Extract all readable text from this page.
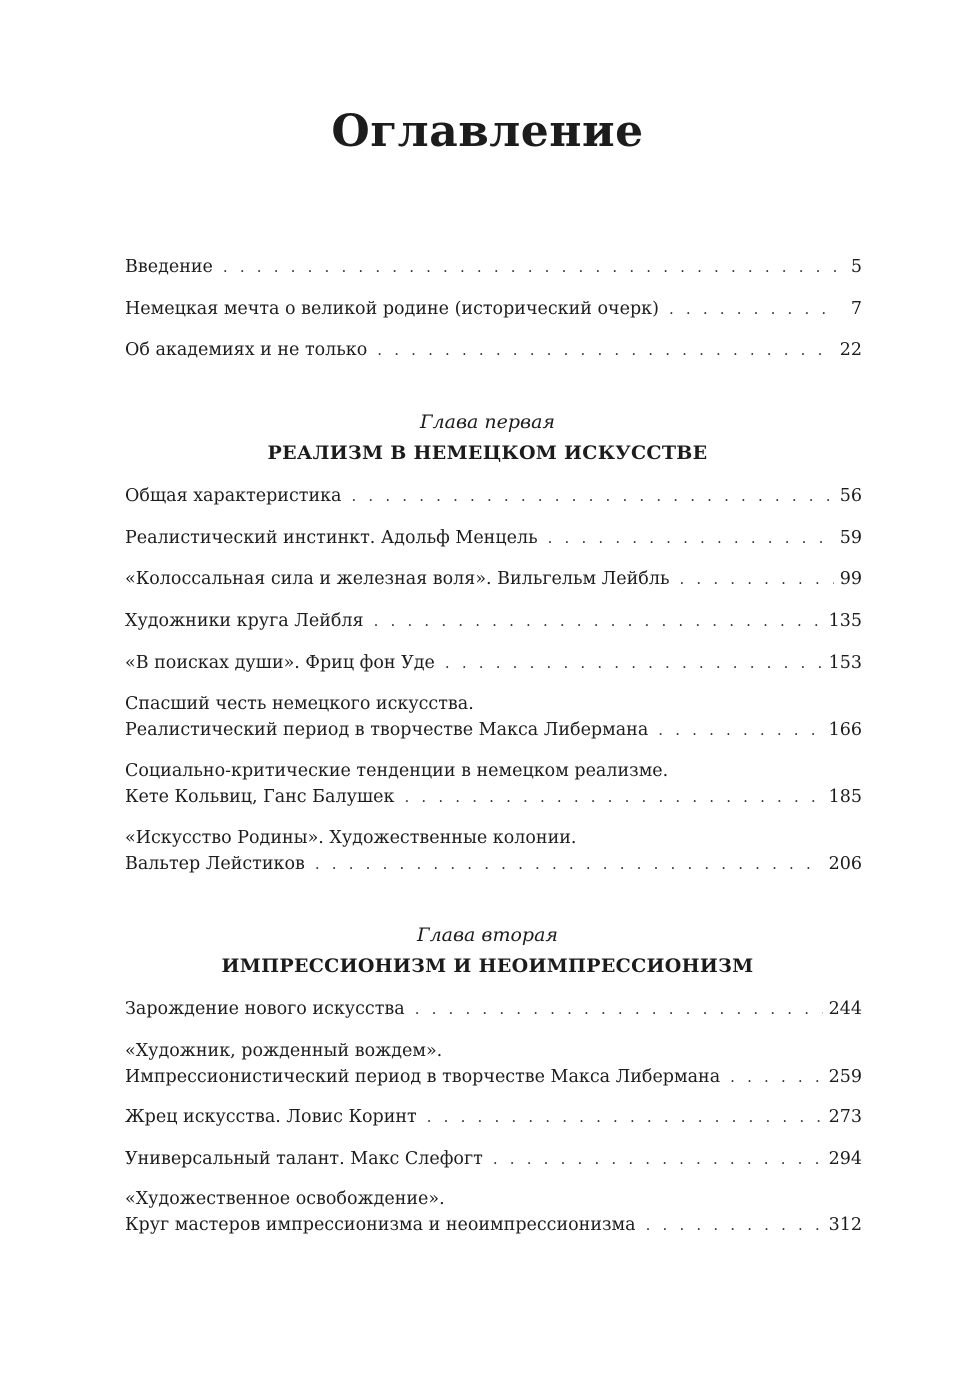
Оглавление
Введение . . .	5
Немецкая мечта о великой родине (исторический очерк) . . .	7
Об академиях и не только . . .	22
Общая характеристика . . .	56
Реалистический инстинкт. Адольф Менцель . . .	59
«Колоссальная сила и железная воля». Вильгельм Лейбль . . .	99
Художники круга Лейбля . . .	135
«В поисках души». Фриц фон Уде . . .	153
Спасший честь немецкого искусства.
Реалистический период в творчестве Макса Либермана . . .	166
Социально-критические тенденции в немецком реализме.
Кете Кольвиц, Ганс Балушек . . .	185
«Искусство Родины». Художественные колонии.
Вальтер Лейстиков . . .	206
Зарождение нового искусства . . .	244
«Художник, рожденный вождем».
Импрессионистический период в творчестве Макса Либермана . . .	259
Жрец искусства. Ловис Коринт . . .	273
Универсальный талант. Макс Слефогт . . .	294
«Художественное освобождение».
Круг мастеров импрессионизма и неоимпрессионизма . . .	312
Глава первая
РЕАЛИЗМ В НЕМЕЦКОМ ИСКУССТВЕ
Глава вторая
ИМПРЕССИОНИЗМ И НЕОИМПРЕССИОНИЗМ
